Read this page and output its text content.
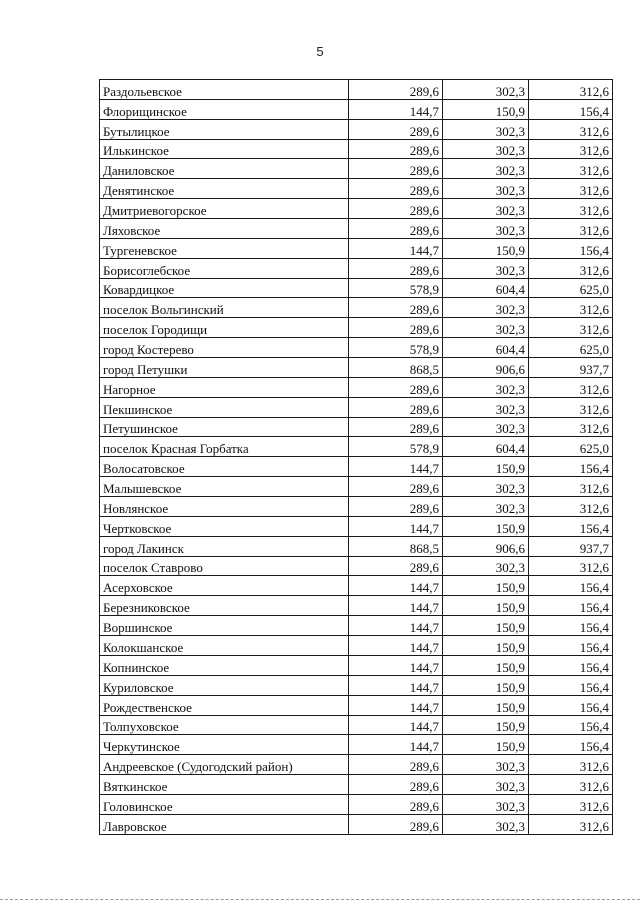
5
Раздольевское	289,6	302,3	312,6
Флорищинское	144,7	150,9	156,4
Бутылицкое	289,6	302,3	312,6
Илькинское	289,6	302,3	312,6
Даниловское	289,6	302,3	312,6
Денятинское	289,6	302,3	312,6
Дмитриевогорское	289,6	302,3	312,6
Ляховское	289,6	302,3	312,6
Тургеневское	144,7	150,9	156,4
Борисоглебское	289,6	302,3	312,6
Ковардицкое	578,9	604,4	625,0
поселок Вольгинский	289,6	302,3	312,6
поселок Городищи	289,6	302,3	312,6
город Костерево	578,9	604,4	625,0
город Петушки	868,5	906,6	937,7
Нагорное	289,6	302,3	312,6
Пекшинское	289,6	302,3	312,6
Петушинское	289,6	302,3	312,6
поселок Красная Горбатка	578,9	604,4	625,0
Волосатовское	144,7	150,9	156,4
Малышевское	289,6	302,3	312,6
Новлянское	289,6	302,3	312,6
Чертковское	144,7	150,9	156,4
город Лакинск	868,5	906,6	937,7
поселок Ставрово	289,6	302,3	312,6
Асерховское	144,7	150,9	156,4
Березниковское	144,7	150,9	156,4
Воршинское	144,7	150,9	156,4
Колокшанское	144,7	150,9	156,4
Копнинское	144,7	150,9	156,4
Куриловское	144,7	150,9	156,4
Рождественское	144,7	150,9	156,4
Толпуховское	144,7	150,9	156,4
Черкутинское	144,7	150,9	156,4
Андреевское (Судогодский район)	289,6	302,3	312,6
Вяткинское	289,6	302,3	312,6
Головинское	289,6	302,3	312,6
Лавровское	289,6	302,3	312,6
